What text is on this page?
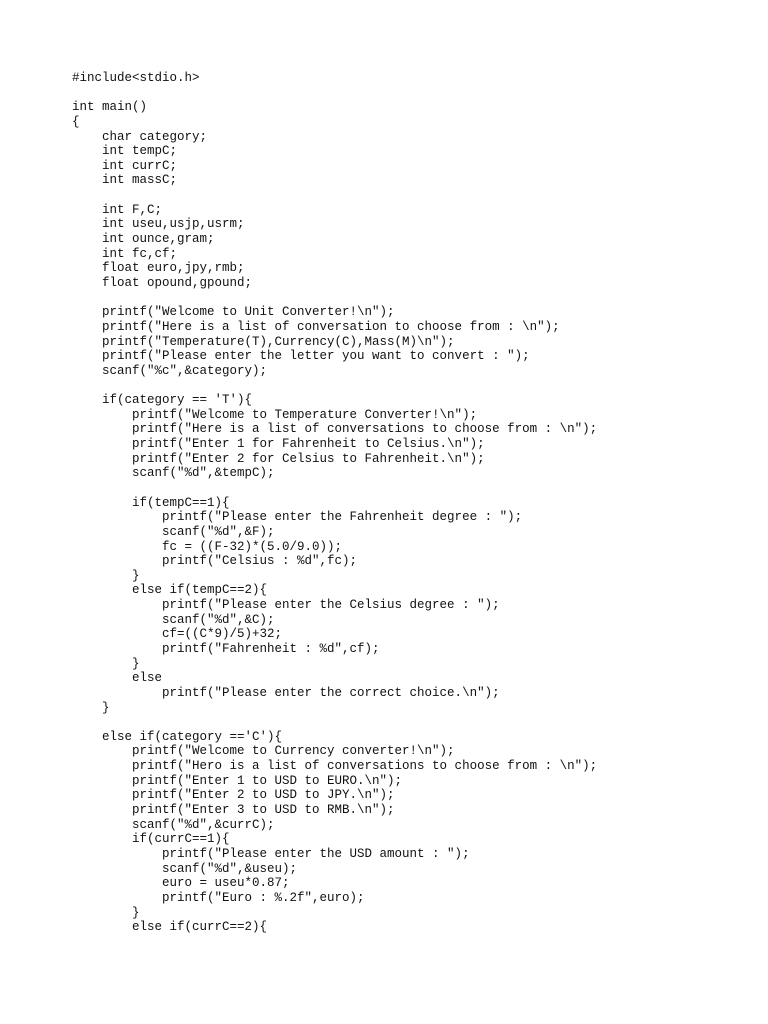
#include<stdio.h>
int main()
{
char category;
int tempC;
int currC;
int massC;
int F,C;
int useu,usjp,usrm;
int ounce,gram;
int fc,cf;
float euro,jpy,rmb;
float opound,gpound;
printf("Welcome to Unit Converter!\n");
printf("Here is a list of conversation to choose from : \n");
printf("Temperature(T),Currency(C),Mass(M)\n");
printf("Please enter the letter you want to convert : ");
scanf("%c",&category);
if(category == 'T'){
printf("Welcome to Temperature Converter!\n");
printf("Here is a list of conversations to choose from : \n");
printf("Enter 1 for Fahrenheit to Celsius.\n");
printf("Enter 2 for Celsius to Fahrenheit.\n");
scanf("%d",&tempC);
if(tempC==1){
printf("Please enter the Fahrenheit degree : ");
scanf("%d",&F);
fc = ((F-32)*(5.0/9.0));
printf("Celsius : %d",fc);
}
else if(tempC==2){
printf("Please enter the Celsius degree : ");
scanf("%d",&C);
cf=((C*9)/5)+32;
printf("Fahrenheit : %d",cf);
}
else
printf("Please enter the correct choice.\n");
}
else if(category =='C'){
printf("Welcome to Currency converter!\n");
printf("Hero is a list of conversations to choose from : \n");
printf("Enter 1 to USD to EURO.\n");
printf("Enter 2 to USD to JPY.\n");
printf("Enter 3 to USD to RMB.\n");
scanf("%d",&currC);
if(currC==1){
printf("Please enter the USD amount : ");
scanf("%d",&useu);
euro = useu*0.87;
printf("Euro : %.2f",euro);
}
else if(currC==2){
